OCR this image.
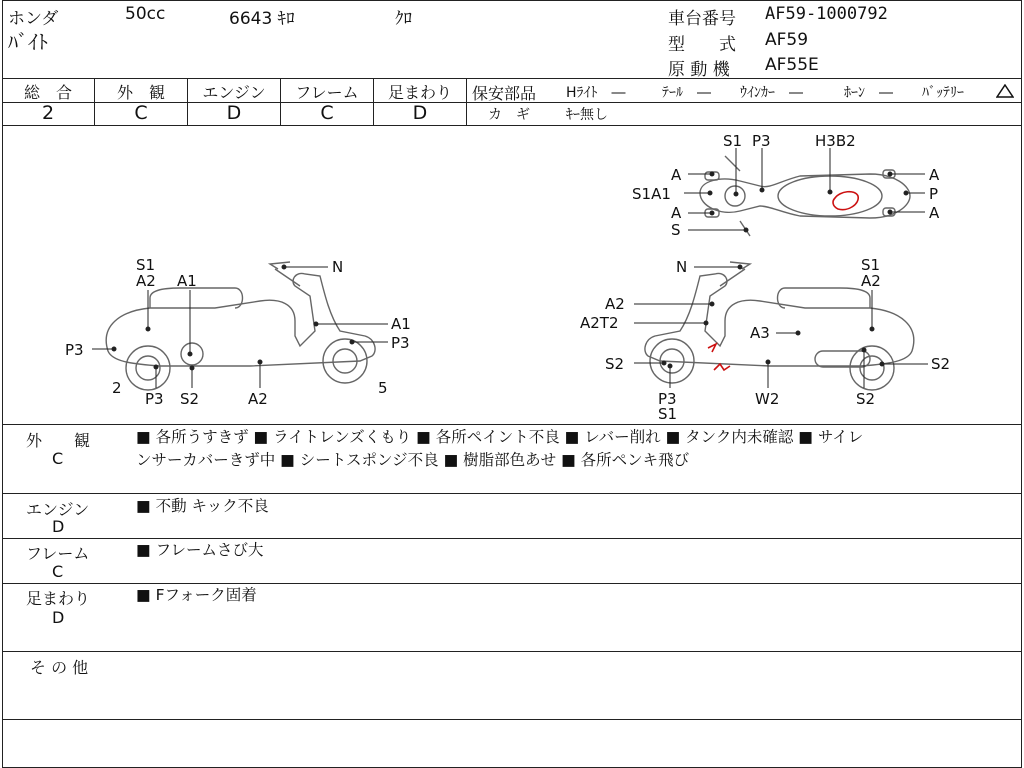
ホンダ	50cc	6643 ｷﾛ	ｸﾛ
ﾊﾞｲﾄ
車台番号 AF59-1000792
型　　式 AF59
原 動 機 AF55E
総　合
2
外　観
C
エンジン
D
フレーム
C
足まわり
D
保安部品 Hﾗｲﾄ　―	ﾃｰﾙ　― ｳｲﾝｶｰ　―	ﾎｰﾝ　― ﾊﾞｯﾃﾘｰ
カ　ギ	ｷｰ無し
S1 P3	H3B2
A	A
S1A1
A
S
A
P
N
S1
A2 A1
A1
P3
P3
2
P3 S2	A2
5
N	S1
A2
A2
A2T2
A3
S2
P3
S1
W2	S2
S2
外　　観
C
■ 各所うすきず ■ ライトレンズくもり ■ 各所ペイント不良 ■ レバー削れ ■ タンク内未確認 ■ サイレ
ンサーカバーきず中 ■ シートスポンジ不良 ■ 樹脂部色あせ ■ 各所ペンキ飛び
エンジン
D
■ 不動 キック不良
フレーム
C
■ フレームさび大
足まわり
D
■ Fフォーク固着
そ の 他
